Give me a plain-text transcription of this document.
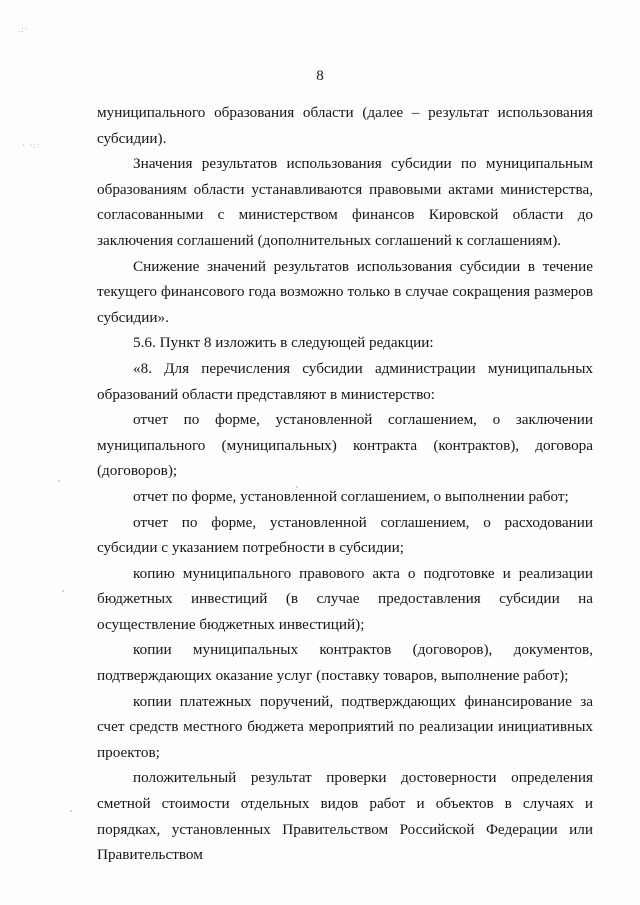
.:·
· ·:·
8

муниципального образования области (далее – результат использования субсидии).

Значения результатов использования субсидии по муниципальным образованиям области устанавливаются правовыми актами министерства, согласованными с министерством финансов Кировской области до заключения соглашений (дополнительных соглашений к соглашениям).

Снижение значений результатов использования субсидии в течение текущего финансового года возможно только в случае сокращения размеров субсидии».

5.6. Пункт 8 изложить в следующей редакции:

«8. Для перечисления субсидии администрации муниципальных образований области представляют в министерство:

отчет по форме, установленной соглашением, о заключении муниципального (муниципальных) контракта (контрактов), договора (договоров);

отчет по форме, установленной соглашением, о выполнении работ;

отчет по форме, установленной соглашением, о расходовании субсидии с указанием потребности в субсидии;

копию муниципального правового акта о подготовке и реализации бюджетных инвестиций (в случае предоставления субсидии на осуществление бюджетных инвестиций);

копии муниципальных контрактов (договоров), документов, подтверждающих оказание услуг (поставку товаров, выполнение работ);

копии платежных поручений, подтверждающих финансирование за счет средств местного бюджета мероприятий по реализации инициативных проектов;

положительный результат проверки достоверности определения сметной стоимости отдельных видов работ и объектов в случаях и порядках, установленных Правительством Российской Федерации или Правительством
